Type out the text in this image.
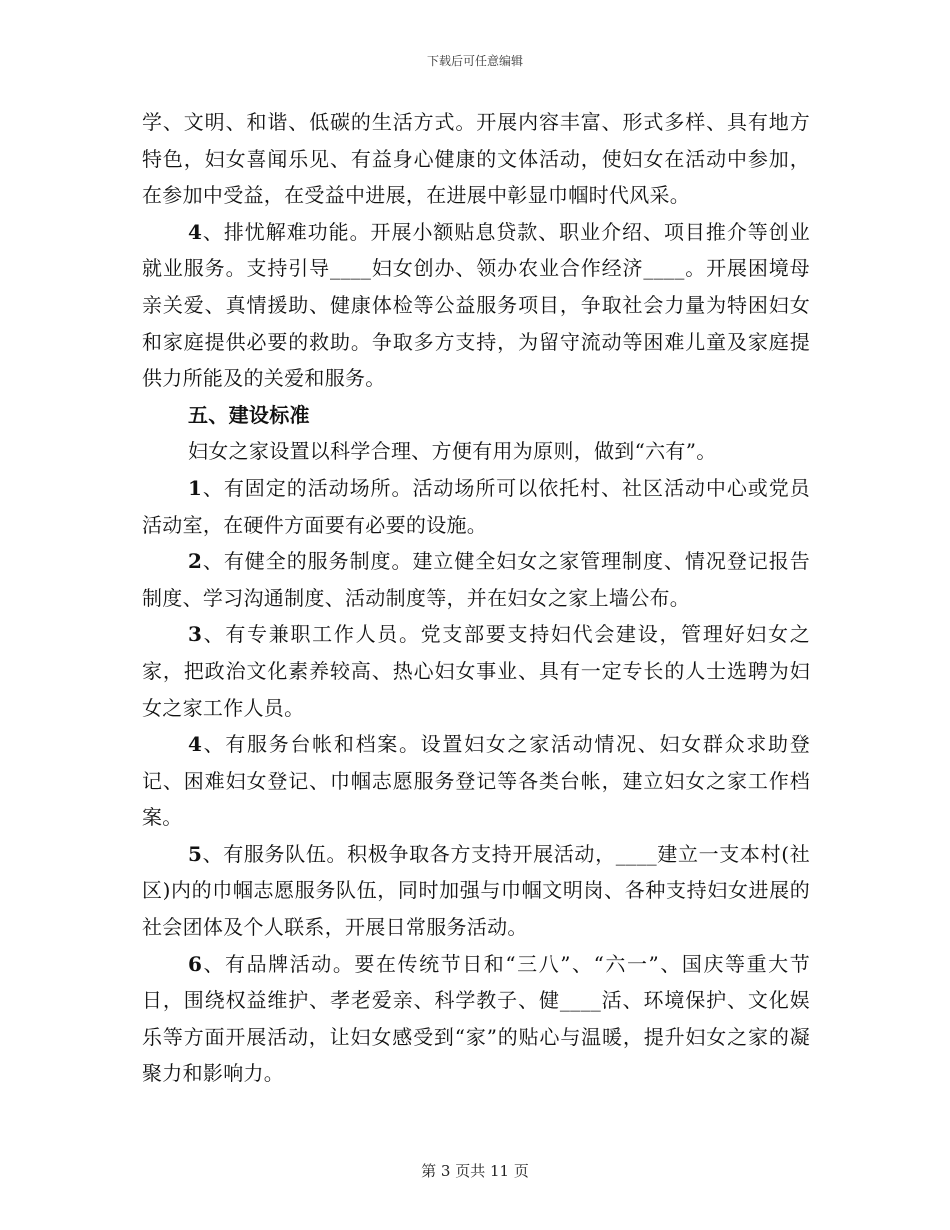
下载后可任意编辑

学、文明、和谐、低碳的生活方式。开展内容丰富、形式多样、具有地方特色，妇女喜闻乐见、有益身心健康的文体活动，使妇女在活动中参加，在参加中受益，在受益中进展，在进展中彰显巾帼时代风采。

4、排忧解难功能。开展小额贴息贷款、职业介绍、项目推介等创业就业服务。支持引导____妇女创办、领办农业合作经济____。开展困境母亲关爱、真情援助、健康体检等公益服务项目，争取社会力量为特困妇女和家庭提供必要的救助。争取多方支持，为留守流动等困难儿童及家庭提供力所能及的关爱和服务。

五、建设标准

妇女之家设置以科学合理、方便有用为原则，做到“六有”。

1、有固定的活动场所。活动场所可以依托村、社区活动中心或党员活动室，在硬件方面要有必要的设施。

2、有健全的服务制度。建立健全妇女之家管理制度、情况登记报告制度、学习沟通制度、活动制度等，并在妇女之家上墙公布。

3、有专兼职工作人员。党支部要支持妇代会建设，管理好妇女之家，把政治文化素养较高、热心妇女事业、具有一定专长的人士选聘为妇女之家工作人员。

4、有服务台帐和档案。设置妇女之家活动情况、妇女群众求助登记、困难妇女登记、巾帼志愿服务登记等各类台帐，建立妇女之家工作档案。

5、有服务队伍。积极争取各方支持开展活动，____建立一支本村(社区)内的巾帼志愿服务队伍，同时加强与巾帼文明岗、各种支持妇女进展的社会团体及个人联系，开展日常服务活动。

6、有品牌活动。要在传统节日和“三八”、“六一”、国庆等重大节日，围绕权益维护、孝老爱亲、科学教子、健____活、环境保护、文化娱乐等方面开展活动，让妇女感受到“家”的贴心与温暖，提升妇女之家的凝聚力和影响力。

第 3 页共 11 页
